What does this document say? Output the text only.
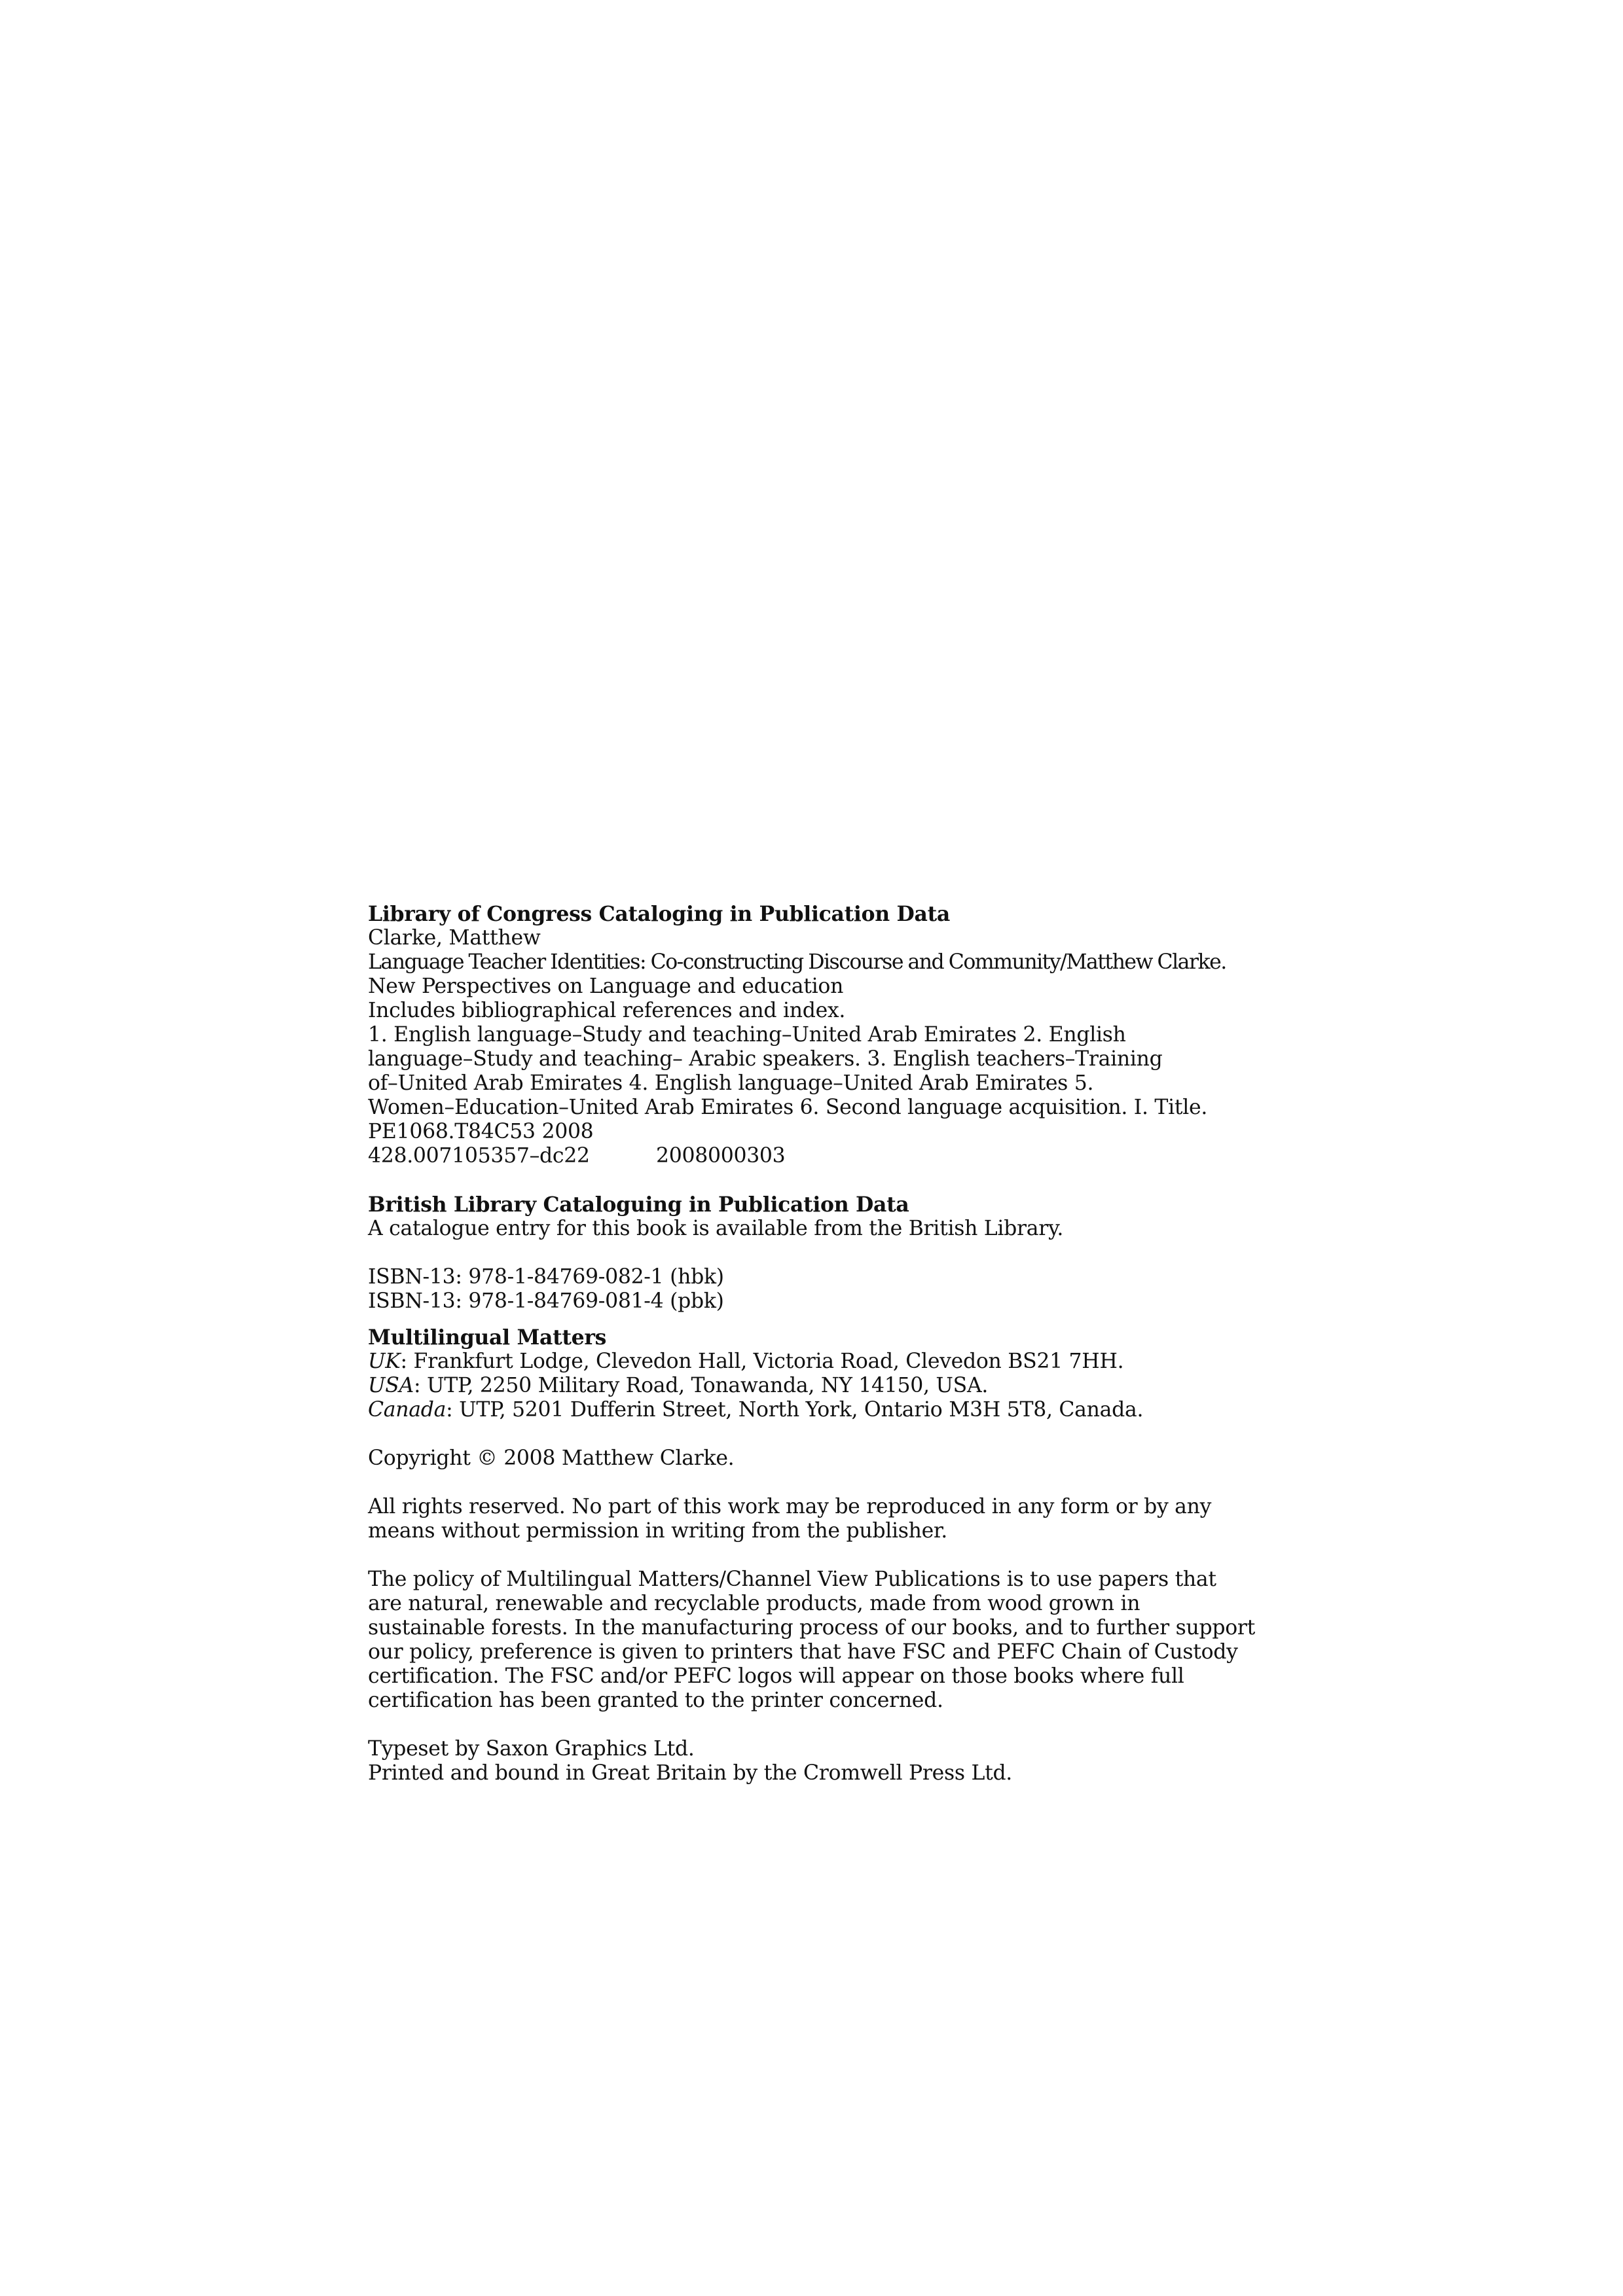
Library of Congress Cataloging in Publication Data
Clarke, Matthew
Language Teacher Identities: Co-constructing Discourse and Community/Matthew Clarke.
New Perspectives on Language and education
Includes bibliographical references and index.
1. English language–Study and teaching–United Arab Emirates 2. English
language–Study and teaching– Arabic speakers. 3. English teachers–Training
of–United Arab Emirates 4. English language–United Arab Emirates 5.
Women–Education–United Arab Emirates 6. Second language acquisition. I. Title.
PE1068.T84C53 2008
428.007105357–dc22	2008000303
British Library Cataloguing in Publication Data
A catalogue entry for this book is available from the British Library.
ISBN-13: 978-1-84769-082-1 (hbk)
ISBN-13: 978-1-84769-081-4 (pbk)
Multilingual Matters
UK: Frankfurt Lodge, Clevedon Hall, Victoria Road, Clevedon BS21 7HH.
USA: UTP, 2250 Military Road, Tonawanda, NY 14150, USA.
Canada: UTP, 5201 Dufferin Street, North York, Ontario M3H 5T8, Canada.
Copyright © 2008 Matthew Clarke.
All rights reserved. No part of this work may be reproduced in any form or by any
means without permission in writing from the publisher.
The policy of Multilingual Matters/Channel View Publications is to use papers that
are natural, renewable and recyclable products, made from wood grown in
sustainable forests. In the manufacturing process of our books, and to further support
our policy, preference is given to printers that have FSC and PEFC Chain of Custody
certification. The FSC and/or PEFC logos will appear on those books where full
certification has been granted to the printer concerned.
Typeset by Saxon Graphics Ltd.
Printed and bound in Great Britain by the Cromwell Press Ltd.
